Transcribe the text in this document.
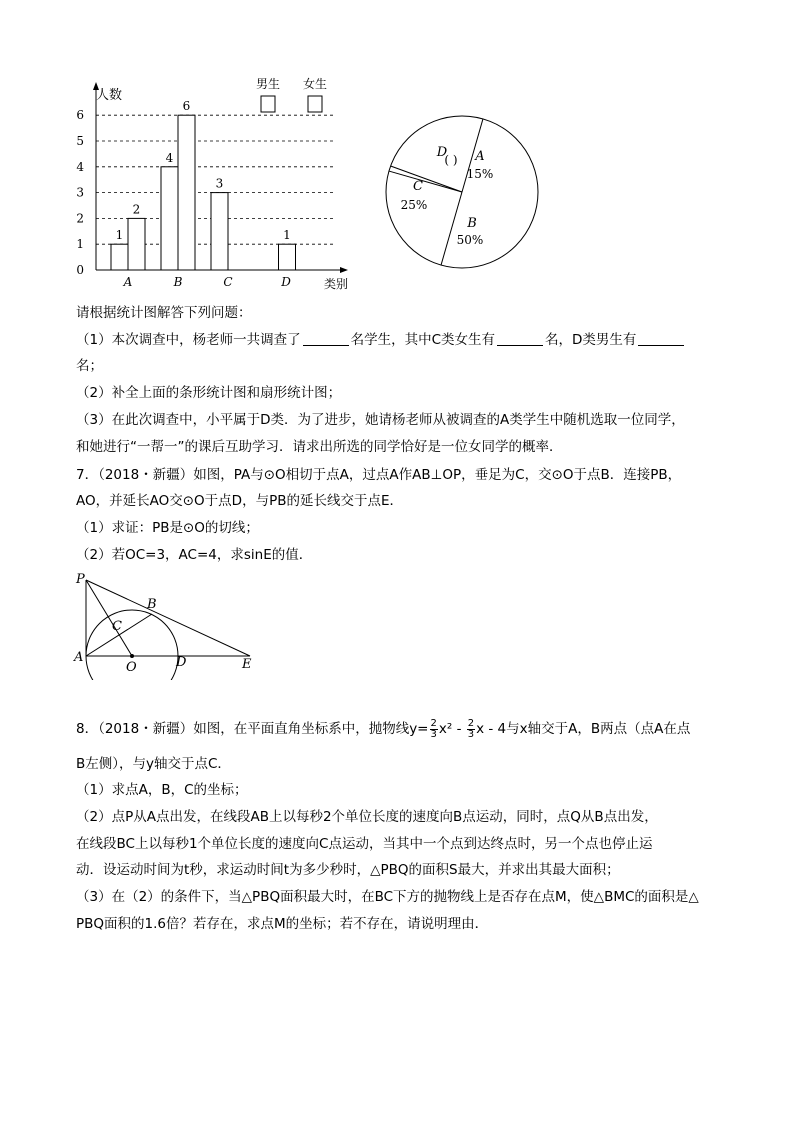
人数
类别
0
1
2
3
4
5
6
A	B	C	D
1
2
4
6
3
1
男生 女生
A
15%
B
50%
C
25%
D
( )
请根据统计图解答下列问题：
（1）本次调查中，杨老师一共调查了	名学生，其中C类女生有	名，D类男生有
名；
（2）补全上面的条形统计图和扇形统计图；
（3）在此次调查中，小平属于D类．为了进步，她请杨老师从被调查的A类学生中随机选取一位同学，
和她进行“一帮一”的课后互助学习．请求出所选的同学恰好是一位女同学的概率．
7．（2018・新疆）如图，PA与⊙O相切于点A，过点A作AB⊥OP，垂足为C，交⊙O于点B．连接PB，
AO，并延长AO交⊙O于点D，与PB的延长线交于点E．
（1）求证：PB是⊙O的切线；
（2）若OC=3，AC=4，求sinE的值．
P
B
C
A
O	D	E
8．（2018・新疆）如图，在平面直角坐标系中，抛物线$y= \frac{2}{3} x^2 - \frac{2}{3}$ x - 4与x轴交于A，B两点（点A在点
B左侧），与y轴交于点C．
（1）求点A，B，C的坐标；
（2）点P从A点出发，在线段AB上以每秒2个单位长度的速度向B点运动，同时，点Q从B点出发，
在线段BC上以每秒1个单位长度的速度向C点运动，当其中一个点到达终点时，另一个点也停止运
动．设运动时间为t秒，求运动时间t为多少秒时，△PBQ的面积S最大，并求出其最大面积；
（3）在（2）的条件下，当△PBQ面积最大时，在BC下方的抛物线上是否存在点M，使△BMC的面积是△
PBQ面积的1.6倍？若存在，求点M的坐标；若不存在，请说明理由．
